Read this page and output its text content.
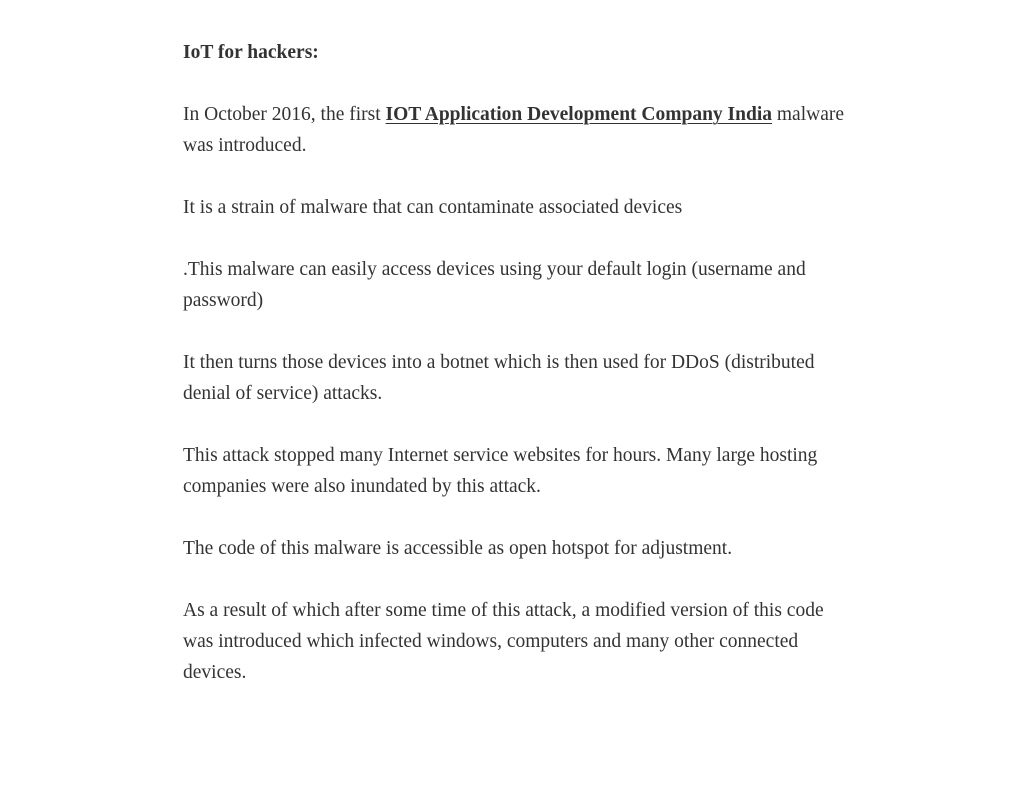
IoT for hackers:

In October 2016, the first IOT Application Development Company India malware was introduced.

It is a strain of malware that can contaminate associated devices

.This malware can easily access devices using your default login (username and password)

It then turns those devices into a botnet which is then used for DDoS (distributed denial of service) attacks.

This attack stopped many Internet service websites for hours. Many large hosting companies were also inundated by this attack.

The code of this malware is accessible as open hotspot for adjustment.

As a result of which after some time of this attack, a modified version of this code was introduced which infected windows, computers and many other connected devices.
